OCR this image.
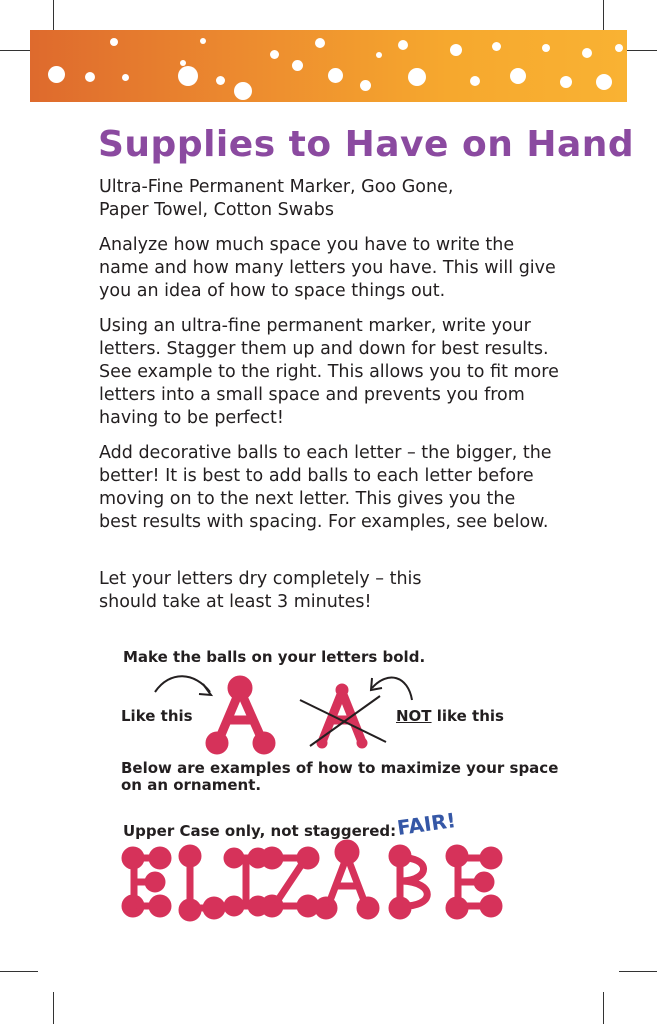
Supplies to Have on Hand

Ultra-Fine Permanent Marker, Goo Gone, Paper Towel, Cotton Swabs

Analyze how much space you have to write the name and how many letters you have. This will give you an idea of how to space things out.

Using an ultra-fine permanent marker, write your letters. Stagger them up and down for best results. See example to the right. This allows you to fit more letters into a small space and prevents you from having to be perfect!

Add decorative balls to each letter – the bigger, the better! It is best to add balls to each letter before moving on to the next letter. This gives you the best results with spacing. For examples, see below.

Let your letters dry completely – this should take at least 3 minutes!

Make the balls on your letters bold.
Like this	NOT like this
Below are examples of how to maximize your space
on an ornament.
Upper Case only, not staggered: FAIR!
